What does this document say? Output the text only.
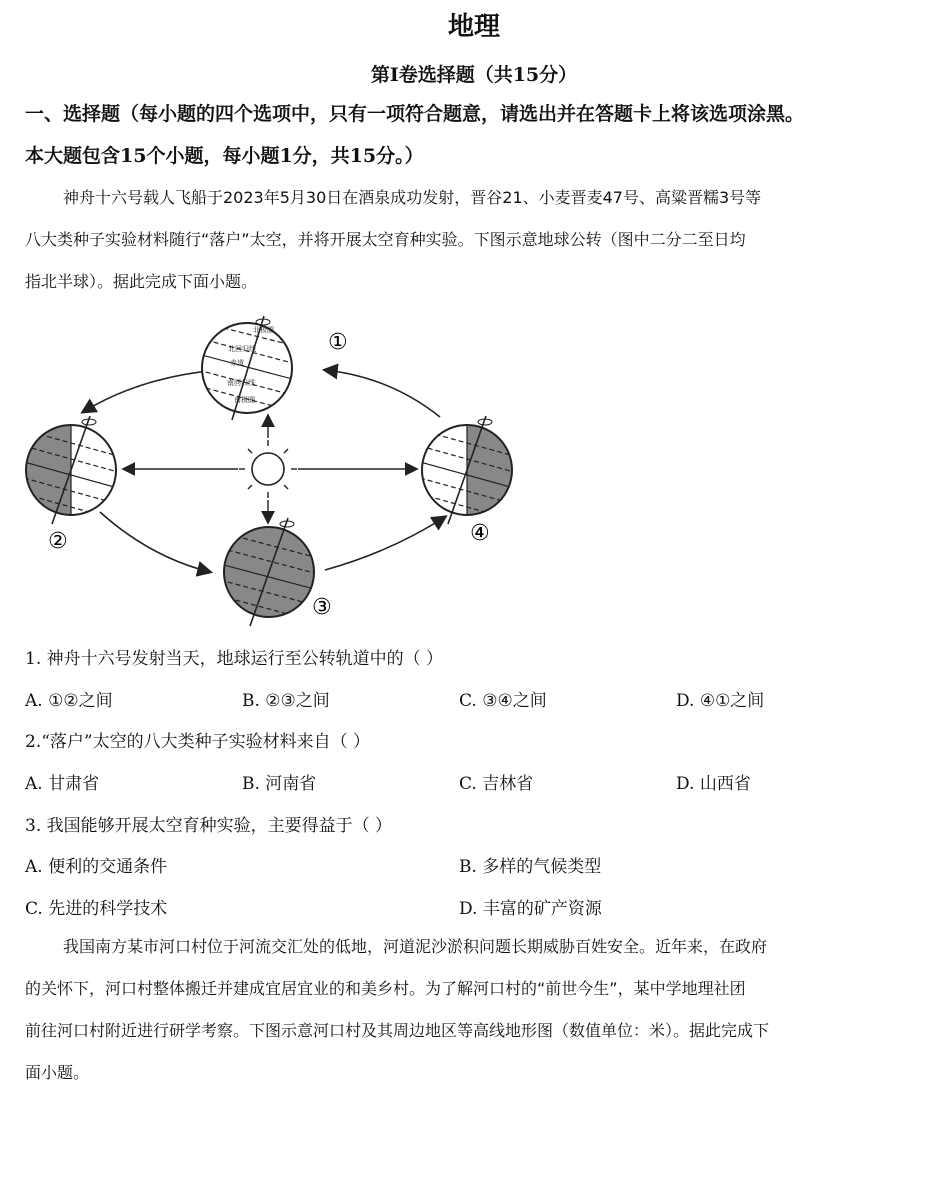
地理
第Ⅰ卷选择题（共15分）
一、选择题（每小题的四个选项中，只有一项符合题意，请选出并在答题卡上将该选项涂黑。
本大题包含15个小题，每小题1分，共15分。）
神舟十六号载人飞船于2023年5月30日在酒泉成功发射，晋谷21、小麦晋麦47号、高粱晋糯3号等
八大类种子实验材料随行“落户”太空，并将开展太空育种实验。下图示意地球公转（图中二分二至日均
指北半球）。据此完成下面小题。
北极圈
北回归线
赤道
南回归线
南极圈
①
②
③
④
1. 神舟十六号发射当天，地球运行至公转轨道中的（ ）
A. ①②之间	B. ②③之间	C. ③④之间	D. ④①之间
2.“落户”太空的八大类种子实验材料来自（ ）
A. 甘肃省	B. 河南省	C. 吉林省	D. 山西省
3. 我国能够开展太空育种实验，主要得益于（ ）
A. 便利的交通条件	B. 多样的气候类型
C. 先进的科学技术	D. 丰富的矿产资源
我国南方某市河口村位于河流交汇处的低地，河道泥沙淤积问题长期威胁百姓安全。近年来，在政府
的关怀下，河口村整体搬迁并建成宜居宜业的和美乡村。为了解河口村的“前世今生”，某中学地理社团
前往河口村附近进行研学考察。下图示意河口村及其周边地区等高线地形图（数值单位：米）。据此完成下
面小题。
